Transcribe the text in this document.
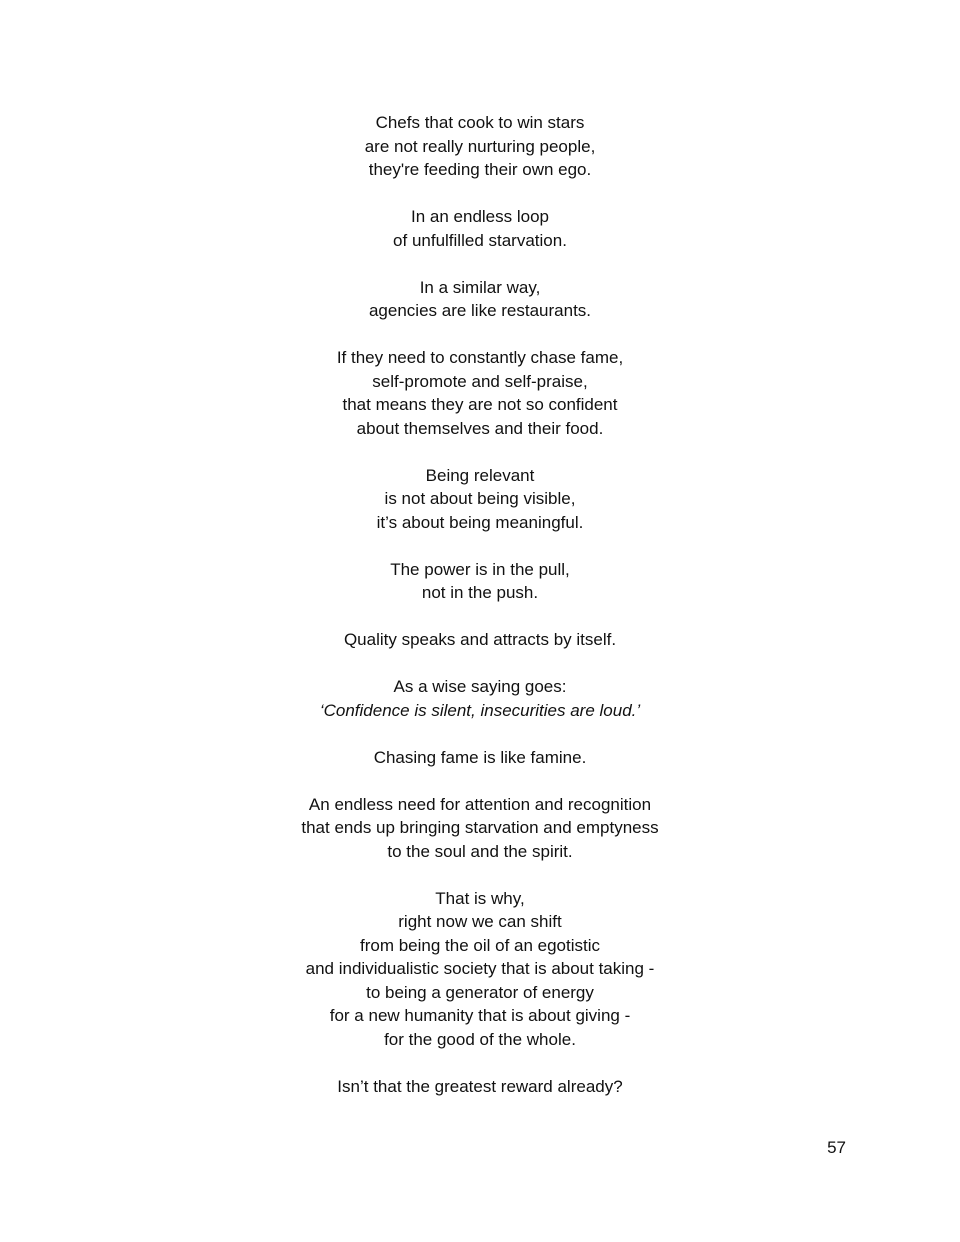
Chefs that cook to win stars
are not really nurturing people,
they're feeding their own ego.
In an endless loop
of unfulfilled starvation.
In a similar way,
agencies are like restaurants.
If they need to constantly chase fame,
self-promote and self-praise,
that means they are not so confident
about themselves and their food.
Being relevant
is not about being visible,
it’s about being meaningful.
The power is in the pull,
not in the push.
Quality speaks and attracts by itself.
As a wise saying goes:
‘Confidence is silent, insecurities are loud.’
Chasing fame is like famine.
An endless need for attention and recognition
that ends up bringing starvation and emptyness
to the soul and the spirit.
That is why,
right now we can shift
from being the oil of an egotistic
and individualistic society that is about taking -
to being a generator of energy
for a new humanity that is about giving -
for the good of the whole.
Isn’t that the greatest reward already?
57
